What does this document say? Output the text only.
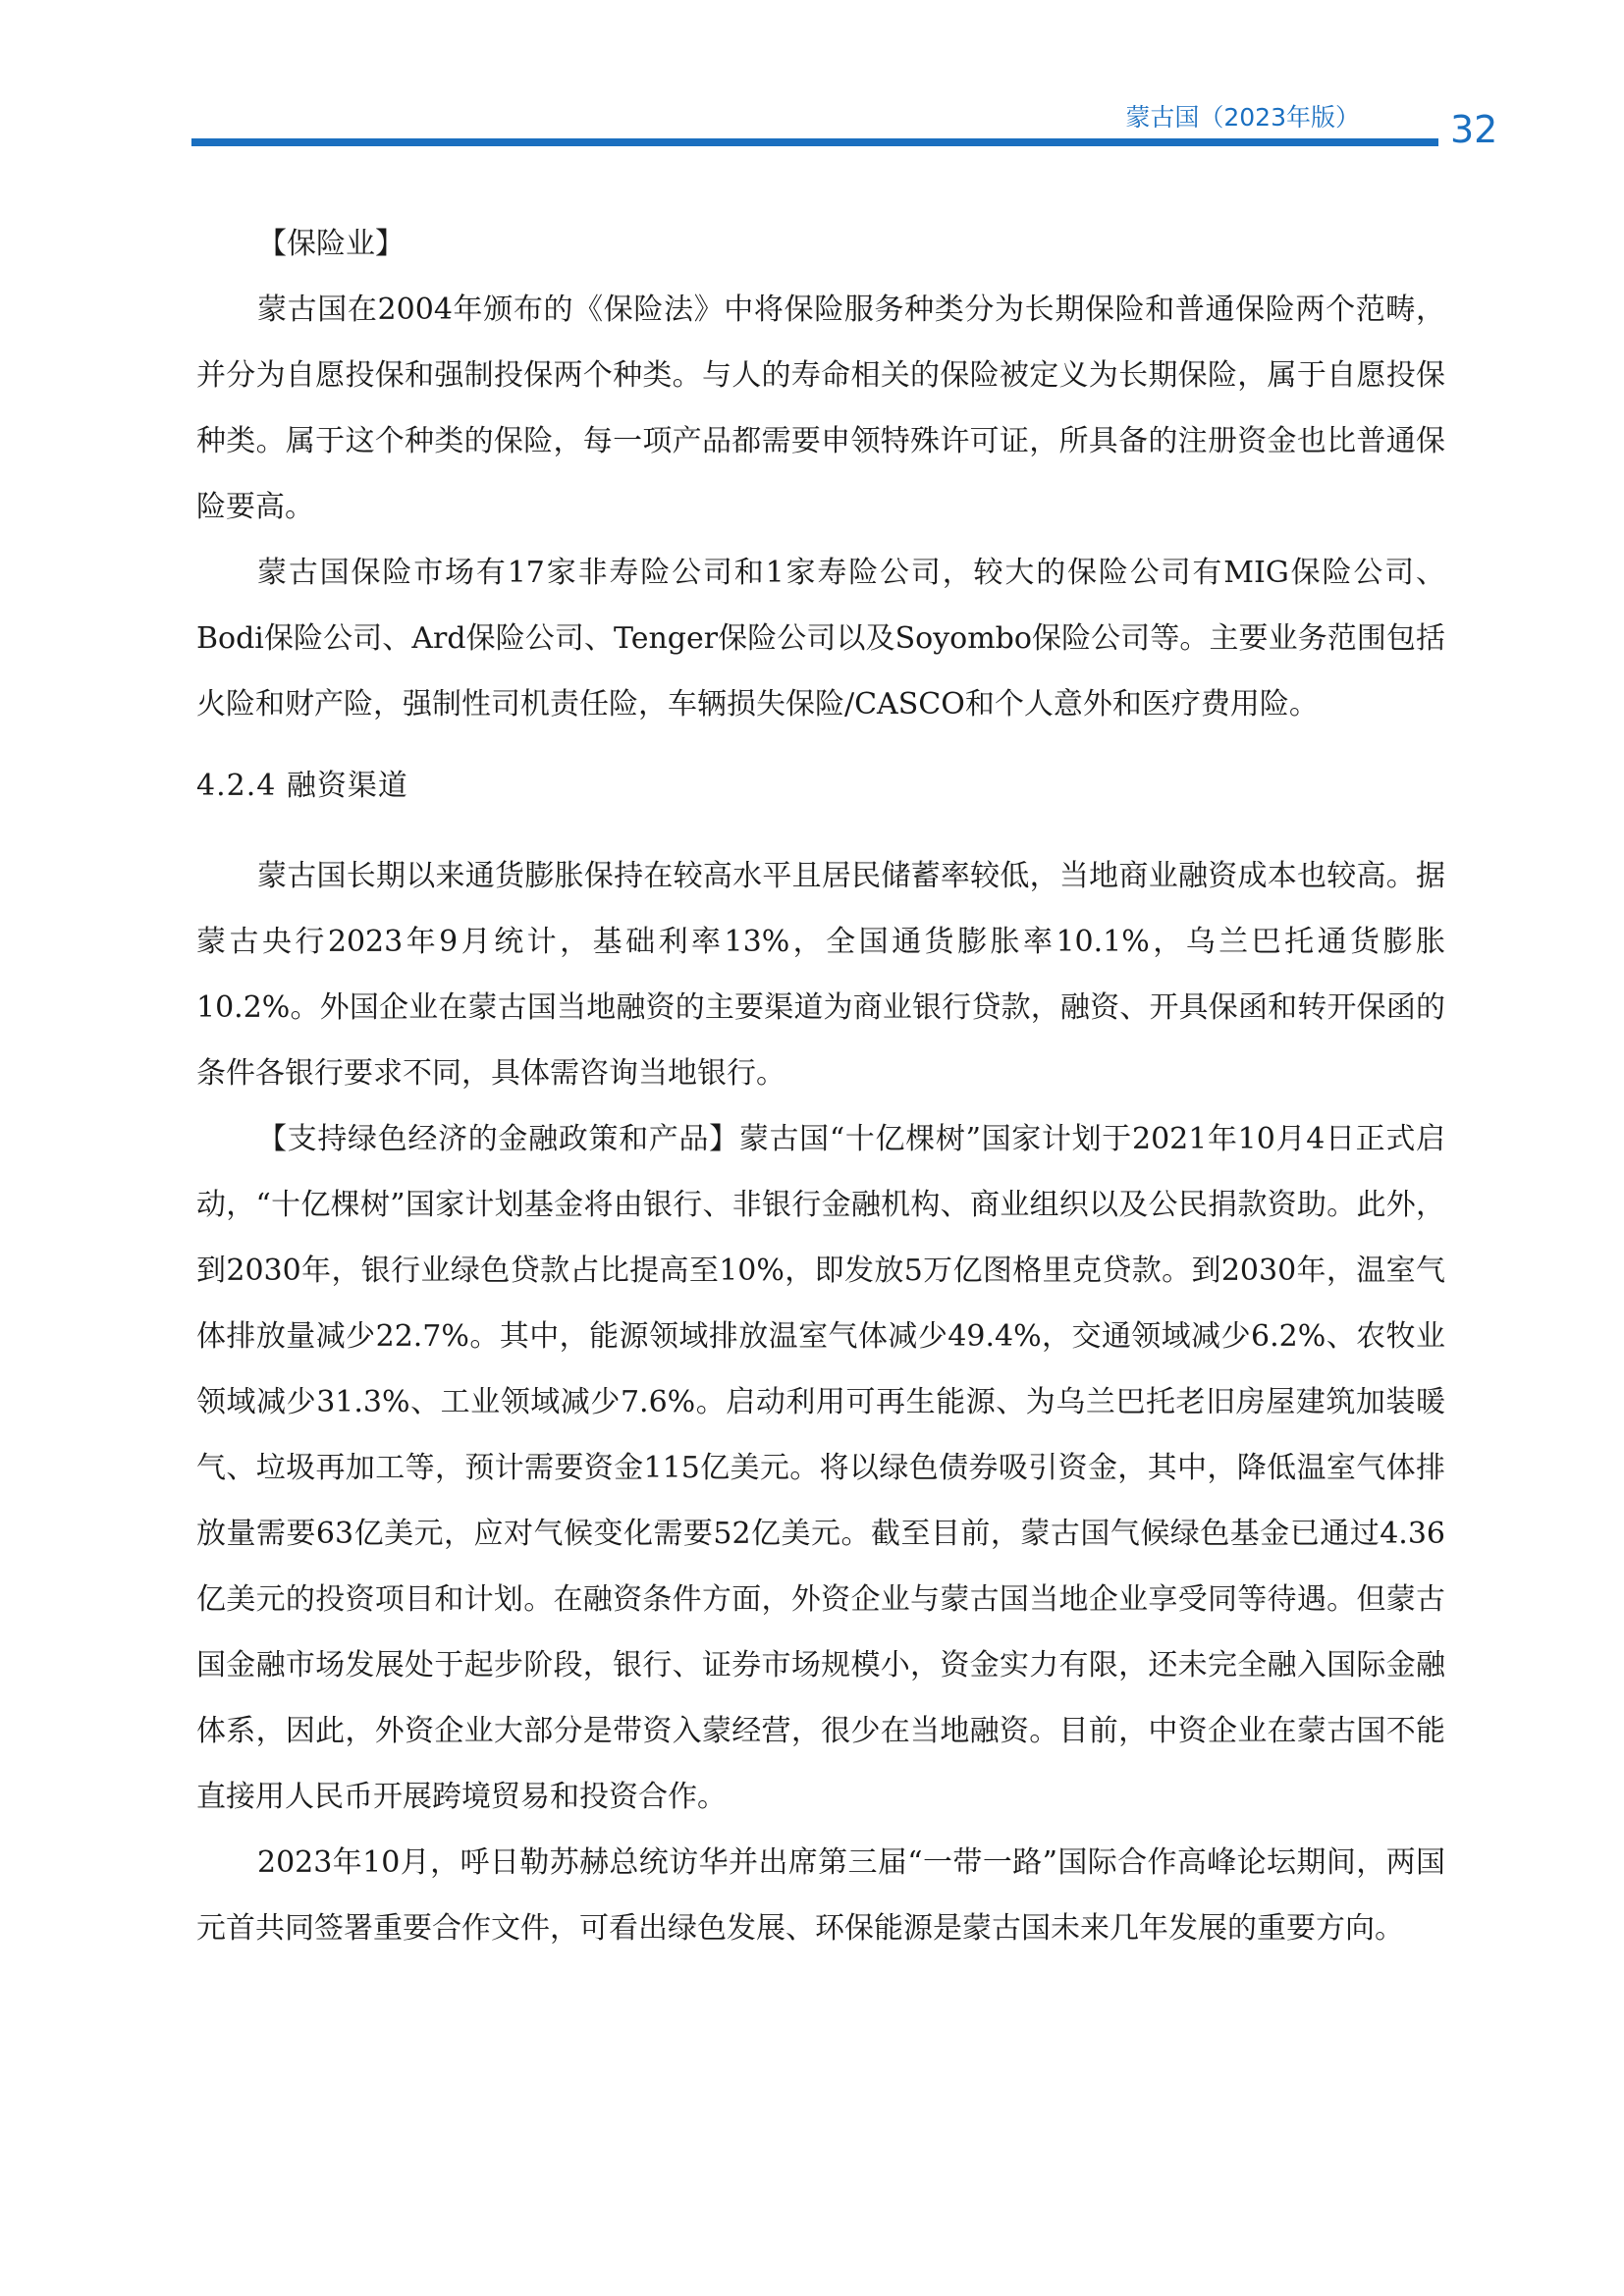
蒙古国（2023年版） 32

【保险业】

蒙古国在2004年颁布的《保险法》中将保险服务种类分为长期保险和普通保险两个范畴，并分为自愿投保和强制投保两个种类。与人的寿命相关的保险被定义为长期保险，属于自愿投保种类。属于这个种类的保险，每一项产品都需要申领特殊许可证，所具备的注册资金也比普通保险要高。

蒙古国保险市场有17家非寿险公司和1家寿险公司，较大的保险公司有MIG保险公司、Bodi保险公司、Ard保险公司、Tenger保险公司以及Soyombo保险公司等。主要业务范围包括火险和财产险，强制性司机责任险，车辆损失保险/CASCO和个人意外和医疗费用险。

4.2.4 融资渠道

蒙古国长期以来通货膨胀保持在较高水平且居民储蓄率较低，当地商业融资成本也较高。据蒙古央行2023年9月统计，基础利率13%，全国通货膨胀率10.1%，乌兰巴托通货膨胀10.2%。外国企业在蒙古国当地融资的主要渠道为商业银行贷款，融资、开具保函和转开保函的条件各银行要求不同，具体需咨询当地银行。

【支持绿色经济的金融政策和产品】蒙古国“十亿棵树”国家计划于2021年10月4日正式启动，“十亿棵树”国家计划基金将由银行、非银行金融机构、商业组织以及公民捐款资助。此外，到2030年，银行业绿色贷款占比提高至10%，即发放5万亿图格里克贷款。到2030年，温室气体排放量减少22.7%。其中，能源领域排放温室气体减少49.4%，交通领域减少6.2%、农牧业领域减少31.3%、工业领域减少7.6%。启动利用可再生能源、为乌兰巴托老旧房屋建筑加装暖气、垃圾再加工等，预计需要资金115亿美元。将以绿色债券吸引资金，其中，降低温室气体排放量需要63亿美元，应对气候变化需要52亿美元。截至目前，蒙古国气候绿色基金已通过4.36亿美元的投资项目和计划。在融资条件方面，外资企业与蒙古国当地企业享受同等待遇。但蒙古国金融市场发展处于起步阶段，银行、证券市场规模小，资金实力有限，还未完全融入国际金融体系，因此，外资企业大部分是带资入蒙经营，很少在当地融资。目前，中资企业在蒙古国不能直接用人民币开展跨境贸易和投资合作。

2023年10月，呼日勒苏赫总统访华并出席第三届“一带一路”国际合作高峰论坛期间，两国元首共同签署重要合作文件，可看出绿色发展、环保能源是蒙古国未来几年发展的重要方向。
